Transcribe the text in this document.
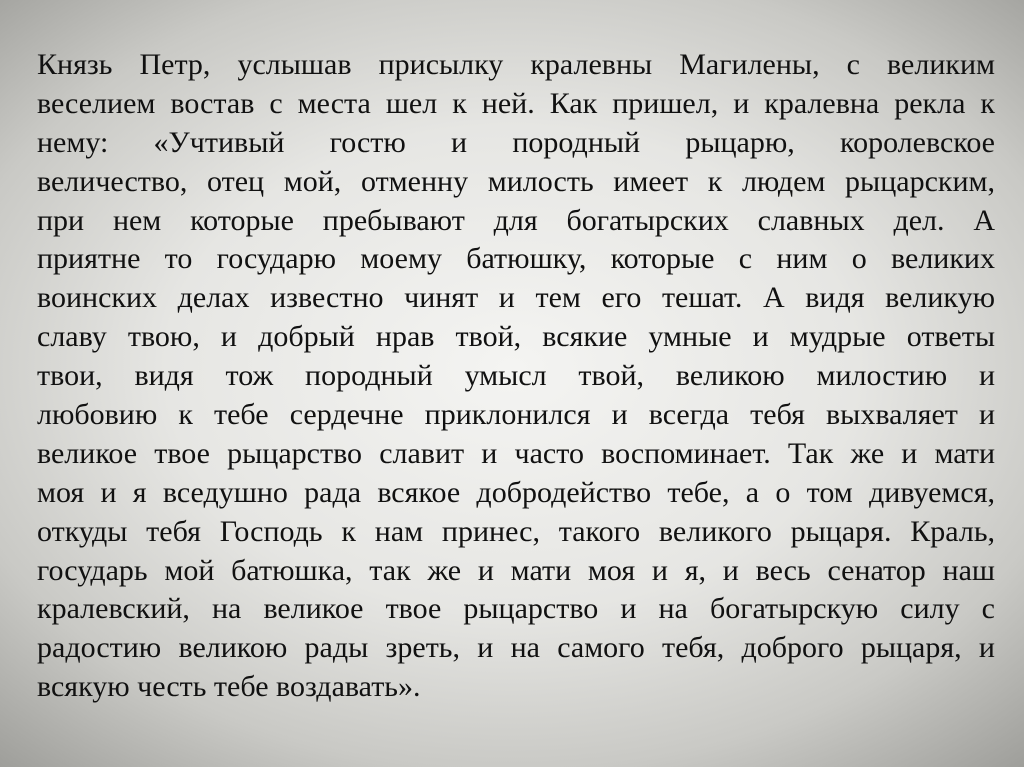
Князь Петр, услышав присылку кралевны Магилены, с великим
веселием востав с места шел к ней. Как пришел, и кралевна рекла к
нему: «Учтивый гостю и породный рыцарю, королевское
величество, отец мой, отменну милость имеет к людем рыцарским,
при нем которые пребывают для богатырских славных дел. А
приятне то государю моему батюшку, которые с ним о великих
воинских делах известно чинят и тем его тешат. А видя великую
славу твою, и добрый нрав твой, всякие умные и мудрые ответы
твои, видя тож породный умысл твой, великою милостию и
любовию к тебе сердечне приклонился и всегда тебя выхваляет и
великое твое рыцарство славит и часто воспоминает. Так же и мати
моя и я вседушно рада всякое добродейство тебе, а о том дивуемся,
откуды тебя Господь к нам принес, такого великого рыцаря. Краль,
государь мой батюшка, так же и мати моя и я, и весь сенатор наш
кралевский, на великое твое рыцарство и на богатырскую силу с
радостию великою рады зреть, и на самого тебя, доброго рыцаря, и
всякую честь тебе воздавать».
